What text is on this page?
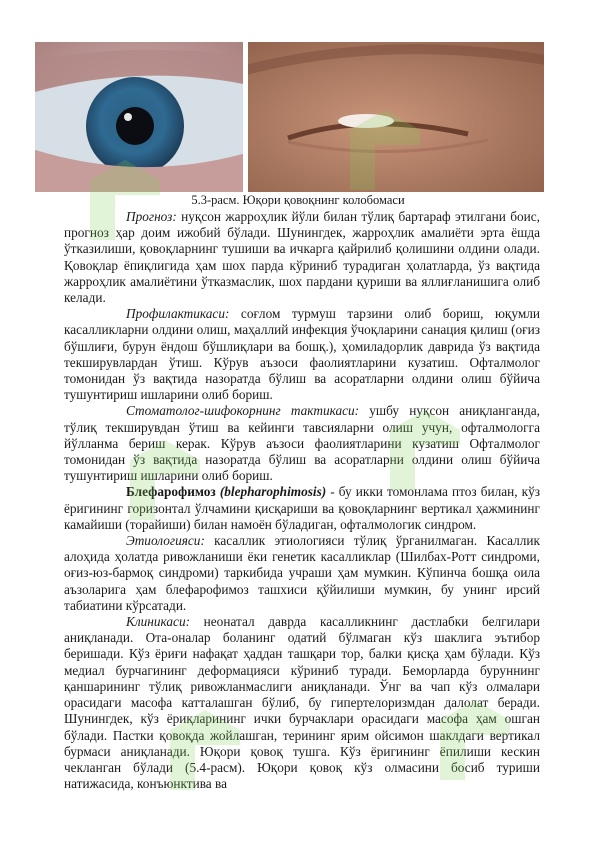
5.3-расм. Юқори қовоқнинг колобомаси

Прогноз: нуқсон жарроҳлик йўли билан тўлиқ бартараф этилгани боис, прогноз ҳар доим ижобий бўлади. Шунингдек, жарроҳлик амалиёти эрта ёшда ўтказилиши, қовоқларнинг тушиши ва ичкарга қайрилиб қолишини олдини олади. Қовоқлар ёпиқлигида ҳам шох парда кўриниб турадиган ҳолатларда, ўз вақтида жарроҳлик амалиётини ўтказмаслик, шох пардани қуриши ва яллиғланишига олиб келади.

Профилактикаси: соғлом турмуш тарзини олиб бориш, юқумли касалликларни олдини олиш, маҳаллий инфекция ўчоқларини санация қилиш (оғиз бўшлиғи, бурун ёндош бўшлиқлари ва бошқ.), ҳомиладорлик даврида ўз вақтида текширувлардан ўтиш. Кўрув аъзоси фаолиятларини кузатиш. Офталмолог томонидан ўз вақтида назоратда бўлиш ва асоратларни олдини олиш бўйича тушунтириш ишларини олиб бориш.

Стоматолог-шифокорнинг тактикаси: ушбу нуқсон аниқланганда, тўлиқ текширувдан ўтиш ва кейинги тавсияларни олиш учун, офталмологга йўлланма бериш керак. Кўрув аъзоси фаолиятларини кузатиш Офталмолог томонидан ўз вақтида назоратда бўлиш ва асоратларни олдини олиш бўйича тушунтириш ишларини олиб бориш.

Блефарофимоз (blepharophimosis) - бу икки томонлама птоз билан, кўз ёригининг горизонтал ўлчамини қисқариши ва қовоқларнинг вертикал ҳажмининг камайиши (торайиши) билан намоён бўладиган, офталмологик синдром.

Этиологияси: касаллик этиологияси тўлиқ ўрганилмаган. Касаллик алоҳида ҳолатда ривожланиши ёки генетик касалликлар (Шилбах-Ротт синдроми, оғиз-юз-бармоқ синдроми) таркибида учраши ҳам мумкин. Кўпинча бошқа оила аъзоларига ҳам блефарофимоз ташхиси қўйилиши мумкин, бу унинг ирсий табиатини кўрсатади.

Клиникаси: неонатал даврда касалликнинг дастлабки белгилари аниқланади. Ота-оналар боланинг одатий бўлмаган кўз шаклига эътибор беришади. Кўз ёриғи нафақат ҳаддан ташқари тор, балки қисқа ҳам бўлади. Кўз медиал бурчагининг деформацияси кўриниб туради. Беморларда буруннинг қаншарининг тўлиқ ривожланмаслиги аниқланади. Ўнг ва чап кўз олмалари орасидаги масофа катталашган бўлиб, бу гипертелоризмдан далолат беради. Шунингдек, кўз ёриқларининг ички бурчаклари орасидаги масофа ҳам ошган бўлади. Пастки қовоқда жойлашган, терининг ярим ойсимон шаклдаги вертикал бурмаси аниқланади. Юқори қовоқ тушга. Кўз ёригининг ёпилиши кескин чекланган бўлади (5.4-расм). Юқори қовоқ кўз олмасини босиб туриши натижасида, конъюнктива ва
